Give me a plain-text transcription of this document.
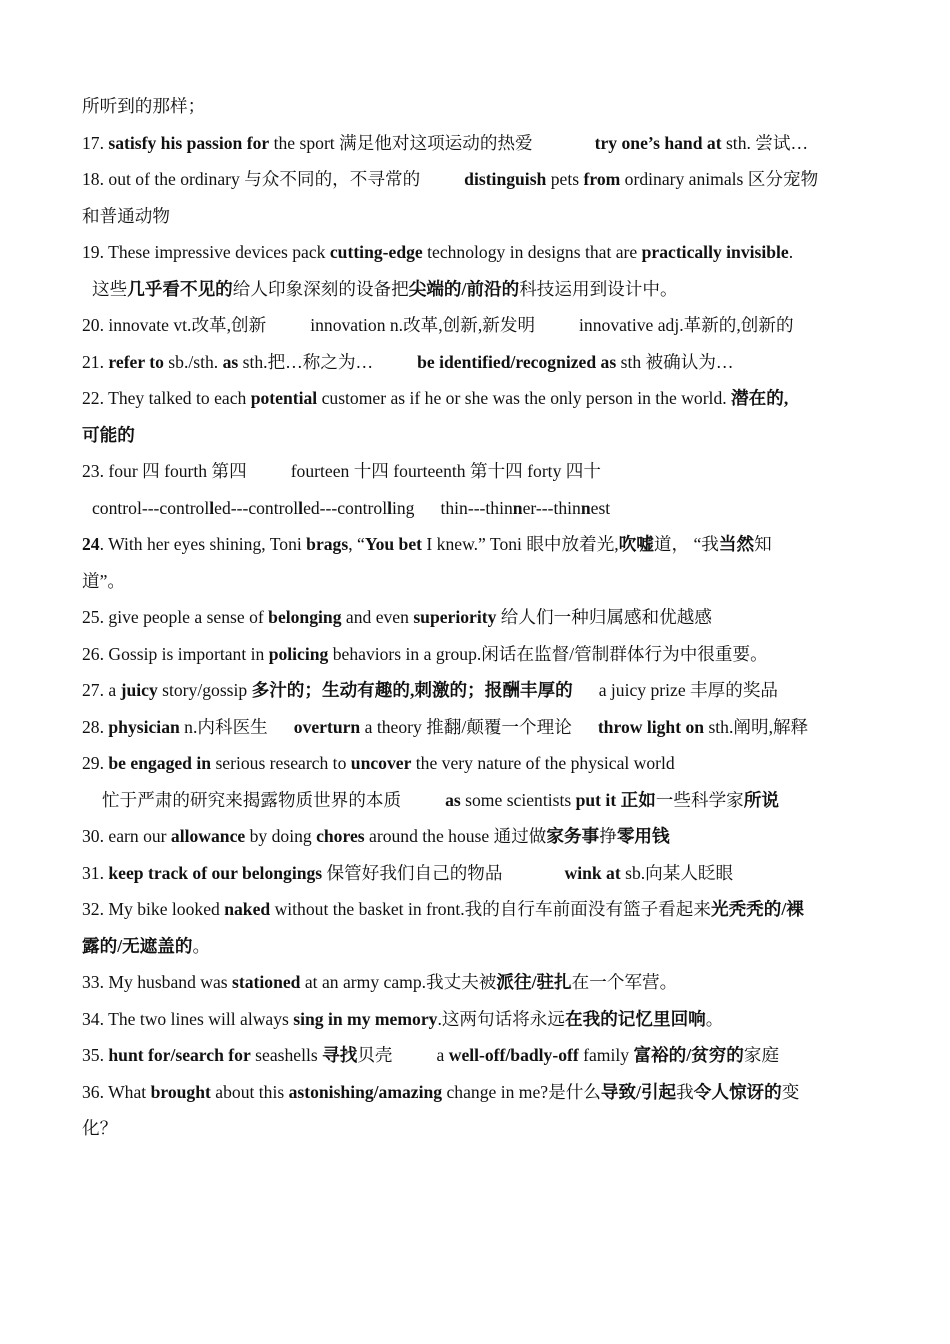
所听到的那样；
17. satisfy his passion for the sport 满足他对这项运动的热爱	try one’s hand at sth. 尝试…
18. out of the ordinary 与众不同的，不寻常的	distinguish pets from ordinary animals 区分宠物
和普通动物
19. These impressive devices pack cutting-edge technology in designs that are practically invisible.
这些几乎看不见的给人印象深刻的设备把尖端的/前沿的科技运用到设计中。
20. innovate vt.改革,创新	innovation n.改革,创新,新发明	innovative adj.革新的,创新的
21. refer to sb./sth. as sth.把…称之为…	be identified/recognized as sth 被确认为…
22. They talked to each potential customer as if he or she was the only person in the world. 潜在的,
可能的
23. four 四 fourth 第四	fourteen 十四 fourteenth 第十四 forty 四十
control---controlled---controlled---controlling thin---thinner---thinnest
24. With her eyes shining, Toni brags, “You bet I knew.” Toni 眼中放着光,吹嘘道， “我当然知
道”。
25. give people a sense of belonging and even superiority 给人们一种归属感和优越感
26. Gossip is important in policing behaviors in a group.闲话在监督/管制群体行为中很重要。
27. a juicy story/gossip 多汁的；生动有趣的,刺激的；报酬丰厚的 a juicy prize 丰厚的奖品
28. physician n.内科医生 overturn a theory 推翻/颠覆一个理论 throw light on sth.阐明,解释
29. be engaged in serious research to uncover the very nature of the physical world
忙于严肃的研究来揭露物质世界的本质	as some scientists put it 正如一些科学家所说
30. earn our allowance by doing chores around the house 通过做家务事挣零用钱
31. keep track of our belongings 保管好我们自己的物品	wink at sb.向某人眨眼
32. My bike looked naked without the basket in front.我的自行车前面没有篮子看起来光秃秃的/裸
露的/无遮盖的。
33. My husband was stationed at an army camp.我丈夫被派往/驻扎在一个军营。
34. The two lines will always sing in my memory.这两句话将永远在我的记忆里回响。
35. hunt for/search for seashells 寻找贝壳	a well-off/badly-off family 富裕的/贫穷的家庭
36. What brought about this astonishing/amazing change in me?是什么导致/引起我令人惊讶的变
化？
